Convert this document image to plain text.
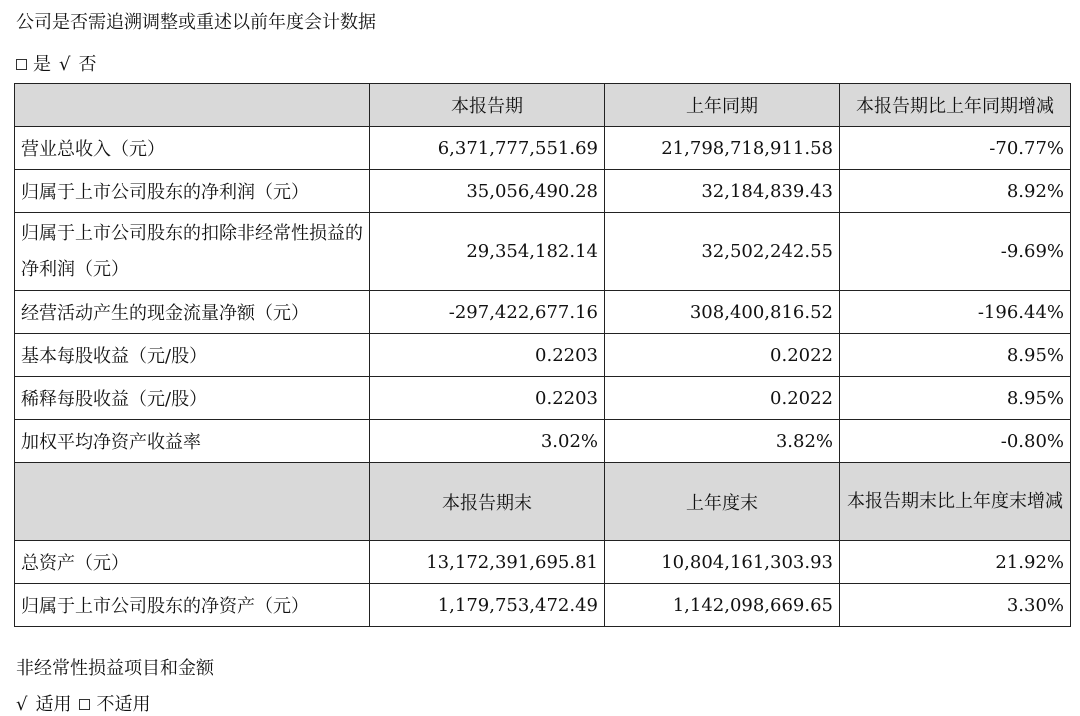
公司是否需追溯调整或重述以前年度会计数据
是 √ 否
	本报告期	上年同期	本报告期比上年同期增减
营业总收入（元）	6,371,777,551.69	21,798,718,911.58	-70.77%
归属于上市公司股东的净利润（元）	35,056,490.28	32,184,839.43	8.92%
归属于上市公司股东的扣除非经常性损益的净利润（元）	29,354,182.14	32,502,242.55	-9.69%
经营活动产生的现金流量净额（元）	-297,422,677.16	308,400,816.52	-196.44%
基本每股收益（元/股）	0.2203	0.2022	8.95%
稀释每股收益（元/股）	0.2203	0.2022	8.95%
加权平均净资产收益率	3.02%	3.82%	-0.80%
	本报告期末	上年度末	本报告期末比上年度末增减
总资产（元）	13,172,391,695.81	10,804,161,303.93	21.92%
归属于上市公司股东的净资产（元）	1,179,753,472.49	1,142,098,669.65	3.30%
非经常性损益项目和金额
√ 适用 不适用
